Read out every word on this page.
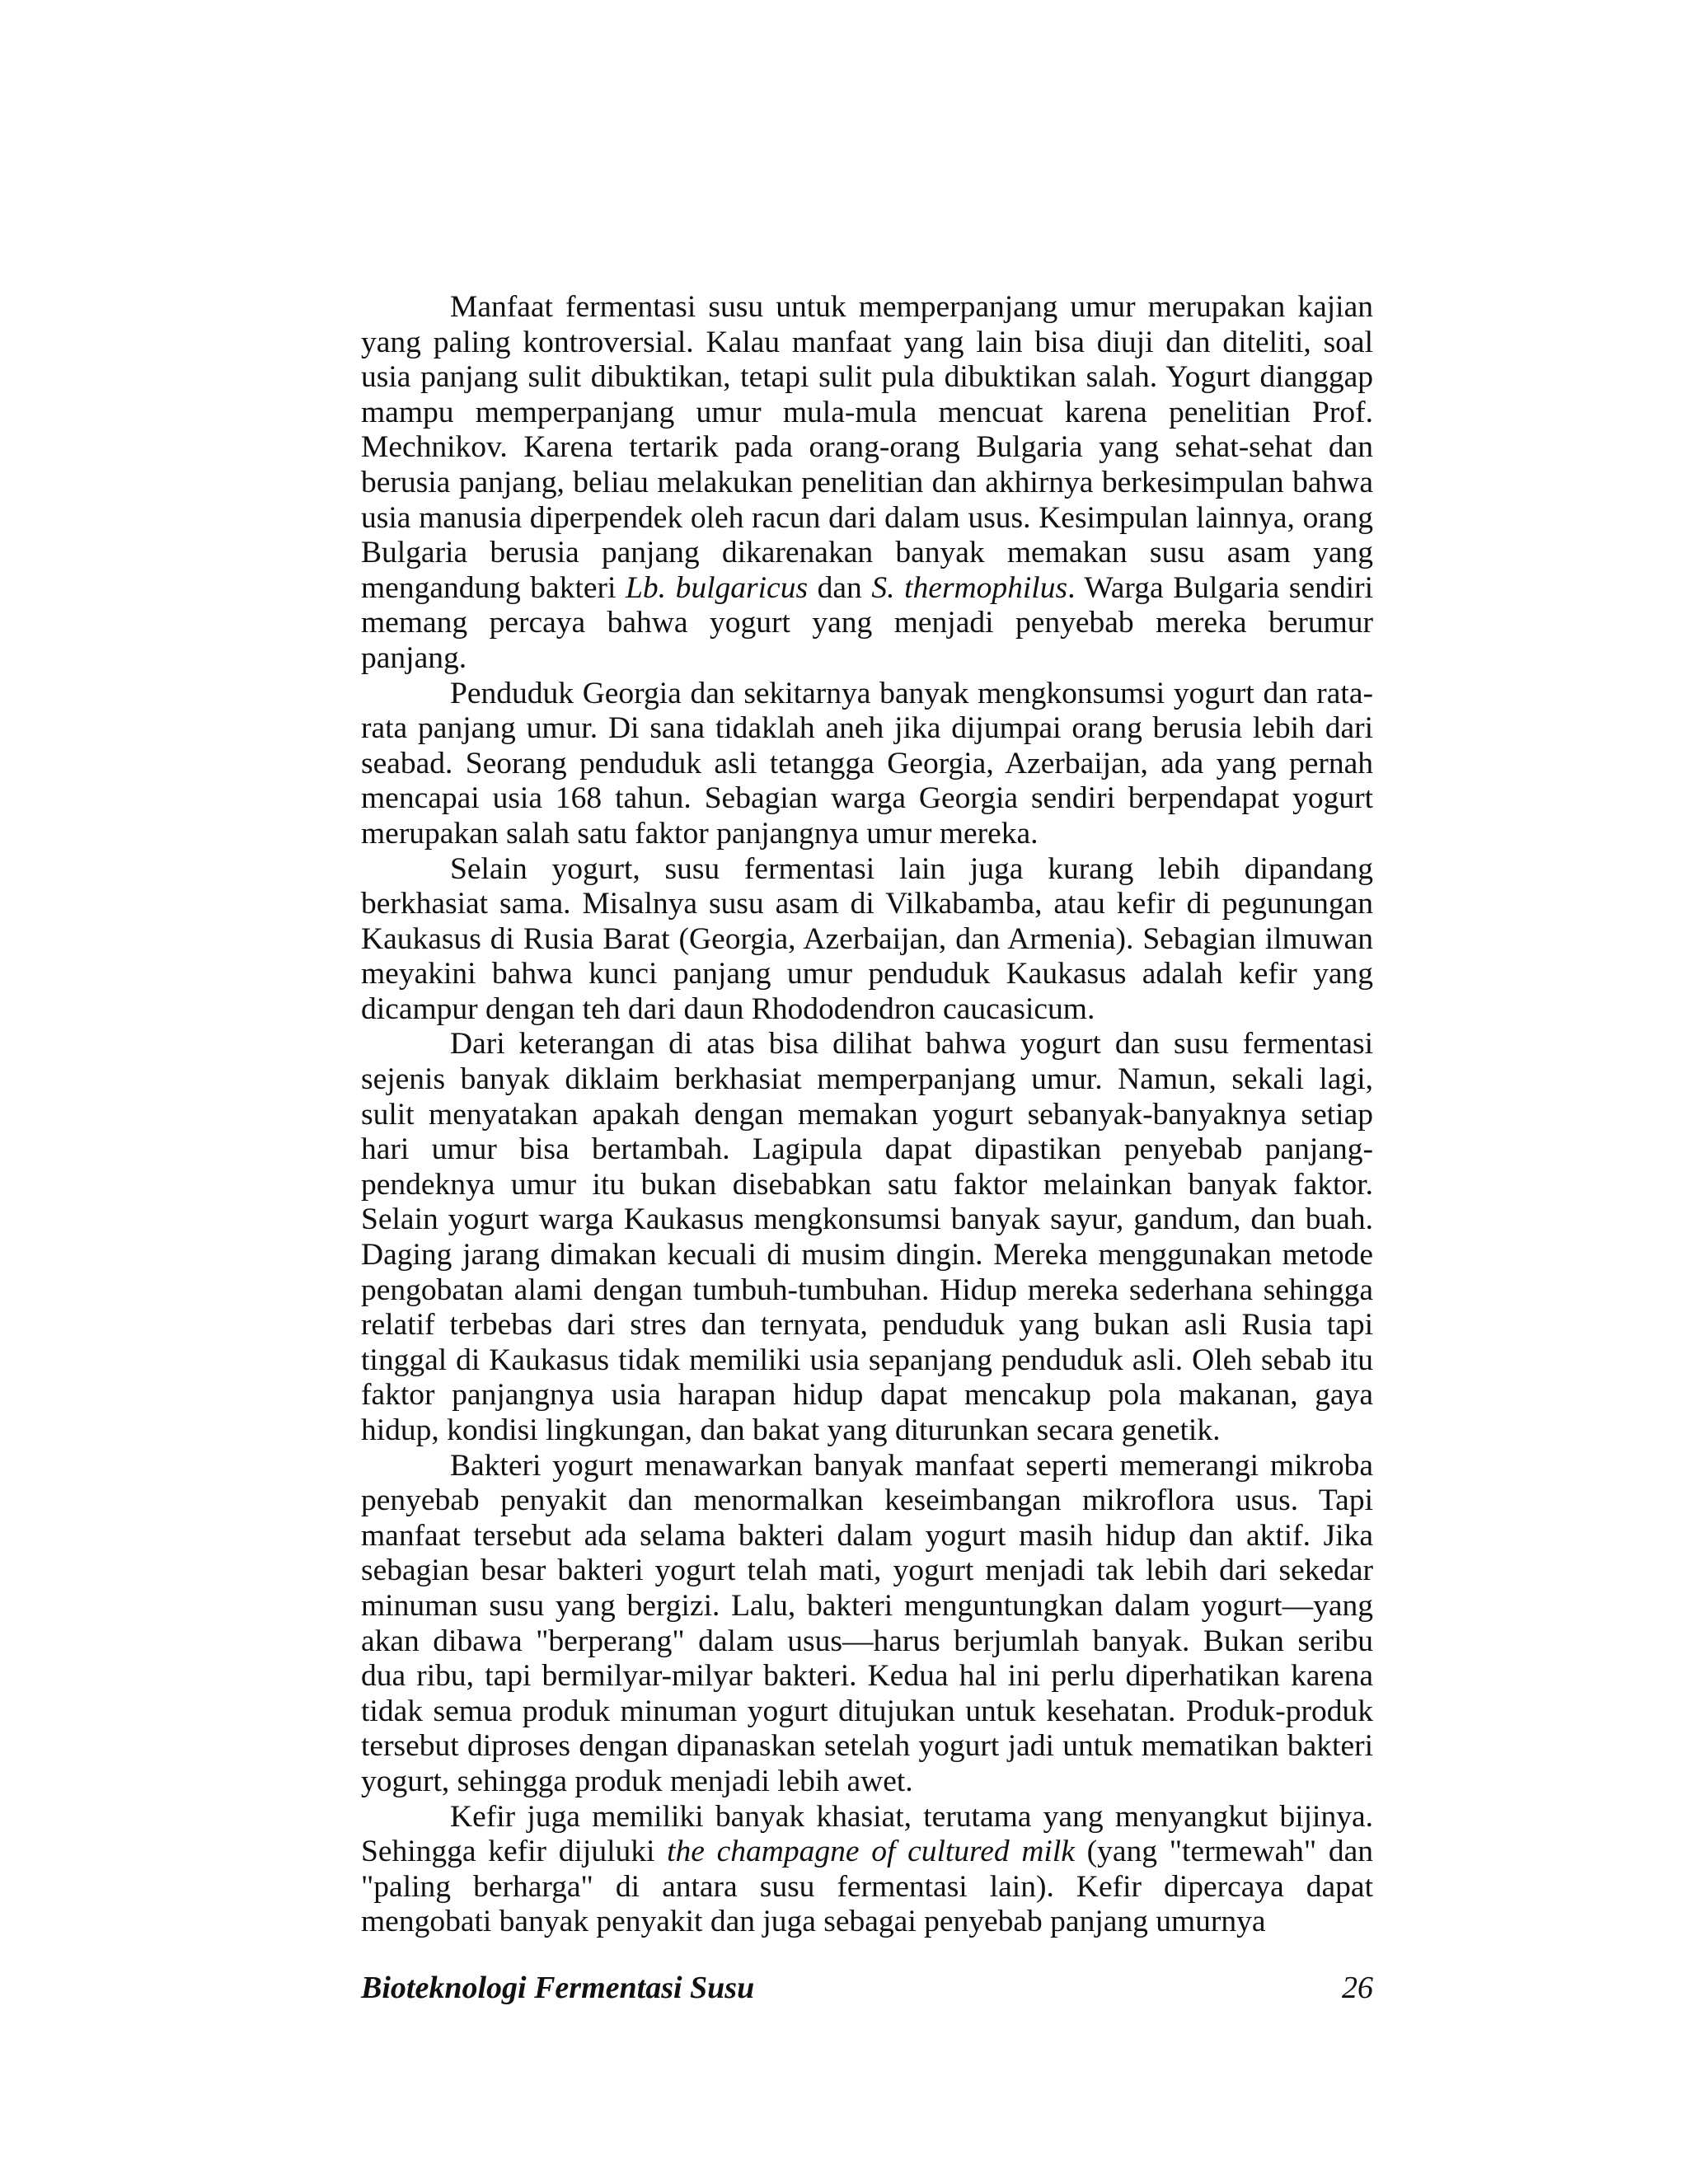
Manfaat fermentasi susu untuk memperpanjang umur merupakan kajian yang paling kontroversial. Kalau manfaat yang lain bisa diuji dan diteliti, soal usia panjang sulit dibuktikan, tetapi sulit pula dibuktikan salah. Yogurt dianggap mampu memperpanjang umur mula-mula mencuat karena penelitian Prof. Mechnikov. Karena tertarik pada orang-orang Bulgaria yang sehat-sehat dan berusia panjang, beliau melakukan penelitian dan akhirnya berkesimpulan bahwa usia manusia diperpendek oleh racun dari dalam usus. Kesimpulan lainnya, orang Bulgaria berusia panjang dikarenakan banyak memakan susu asam yang mengandung bakteri Lb. bulgaricus dan S. thermophilus. Warga Bulgaria sendiri memang percaya bahwa yogurt yang menjadi penyebab mereka berumur panjang.

Penduduk Georgia dan sekitarnya banyak mengkonsumsi yogurt dan rata-rata panjang umur. Di sana tidaklah aneh jika dijumpai orang berusia lebih dari seabad. Seorang penduduk asli tetangga Georgia, Azerbaijan, ada yang pernah mencapai usia 168 tahun. Sebagian warga Georgia sendiri berpendapat yogurt merupakan salah satu faktor panjangnya umur mereka.

Selain yogurt, susu fermentasi lain juga kurang lebih dipandang berkhasiat sama. Misalnya susu asam di Vilkabamba, atau kefir di pegunungan Kaukasus di Rusia Barat (Georgia, Azerbaijan, dan Armenia). Sebagian ilmuwan meyakini bahwa kunci panjang umur penduduk Kaukasus adalah kefir yang dicampur dengan teh dari daun Rhododendron caucasicum.

Dari keterangan di atas bisa dilihat bahwa yogurt dan susu fermentasi sejenis banyak diklaim berkhasiat memperpanjang umur. Namun, sekali lagi, sulit menyatakan apakah dengan memakan yogurt sebanyak-banyaknya setiap hari umur bisa bertambah. Lagipula dapat dipastikan penyebab panjang-pendeknya umur itu bukan disebabkan satu faktor melainkan banyak faktor. Selain yogurt warga Kaukasus mengkonsumsi banyak sayur, gandum, dan buah. Daging jarang dimakan kecuali di musim dingin. Mereka menggunakan metode pengobatan alami dengan tumbuh-tumbuhan. Hidup mereka sederhana sehingga relatif terbebas dari stres dan ternyata, penduduk yang bukan asli Rusia tapi tinggal di Kaukasus tidak memiliki usia sepanjang penduduk asli. Oleh sebab itu faktor panjangnya usia harapan hidup dapat mencakup pola makanan, gaya hidup, kondisi lingkungan, dan bakat yang diturunkan secara genetik.

Bakteri yogurt menawarkan banyak manfaat seperti memerangi mikroba penyebab penyakit dan menormalkan keseimbangan mikroflora usus. Tapi manfaat tersebut ada selama bakteri dalam yogurt masih hidup dan aktif. Jika sebagian besar bakteri yogurt telah mati, yogurt menjadi tak lebih dari sekedar minuman susu yang bergizi. Lalu, bakteri menguntungkan dalam yogurt—yang akan dibawa "berperang" dalam usus—harus berjumlah banyak. Bukan seribu dua ribu, tapi bermilyar-milyar bakteri. Kedua hal ini perlu diperhatikan karena tidak semua produk minuman yogurt ditujukan untuk kesehatan. Produk-produk tersebut diproses dengan dipanaskan setelah yogurt jadi untuk mematikan bakteri yogurt, sehingga produk menjadi lebih awet.

Kefir juga memiliki banyak khasiat, terutama yang menyangkut bijinya. Sehingga kefir dijuluki the champagne of cultured milk (yang "termewah" dan "paling berharga" di antara susu fermentasi lain). Kefir dipercaya dapat mengobati banyak penyakit dan juga sebagai penyebab panjang umurnya

Bioteknologi Fermentasi Susu	26
